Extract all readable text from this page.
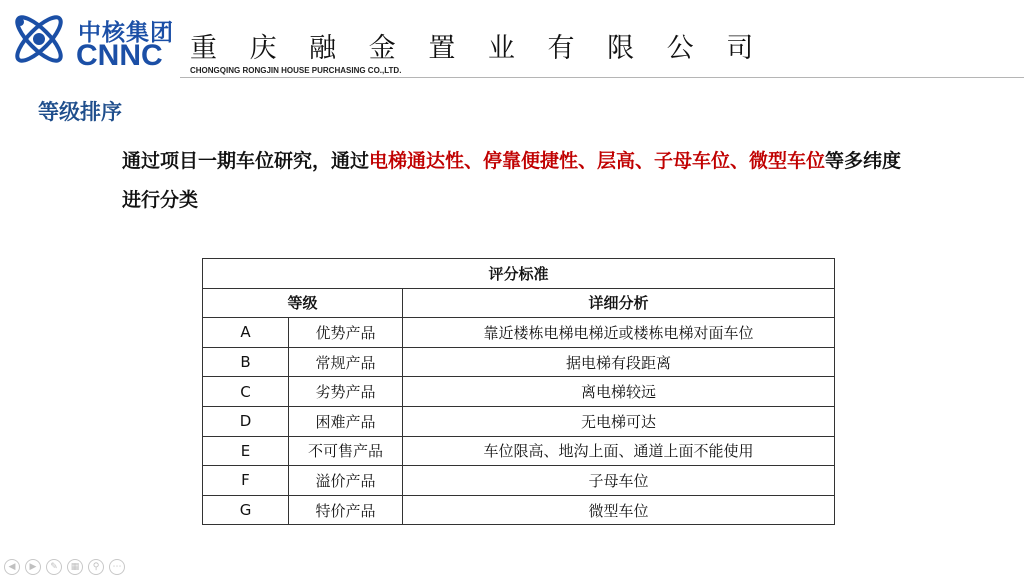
中核集团
CNNC 重 庆 融 金 置 业 有 限 公 司
CHONGQING RONGJIN HOUSE PURCHASING CO.,LTD.
等级排序
通过项目一期车位研究，通过电梯通达性、停靠便捷性、层高、子母车位、微型车位等多纬度进行分类
评分标准		
等级		详细分析
A	优势产品	靠近楼栋电梯电梯近或楼栋电梯对面车位
B	常规产品	据电梯有段距离
C	劣势产品	离电梯较远
D	困难产品	无电梯可达
E	不可售产品	车位限高、地沟上面、通道上面不能使用
F	溢价产品	子母车位
G	特价产品	微型车位
◀ ▶ ✎ ▦ ⚲ ⋯
